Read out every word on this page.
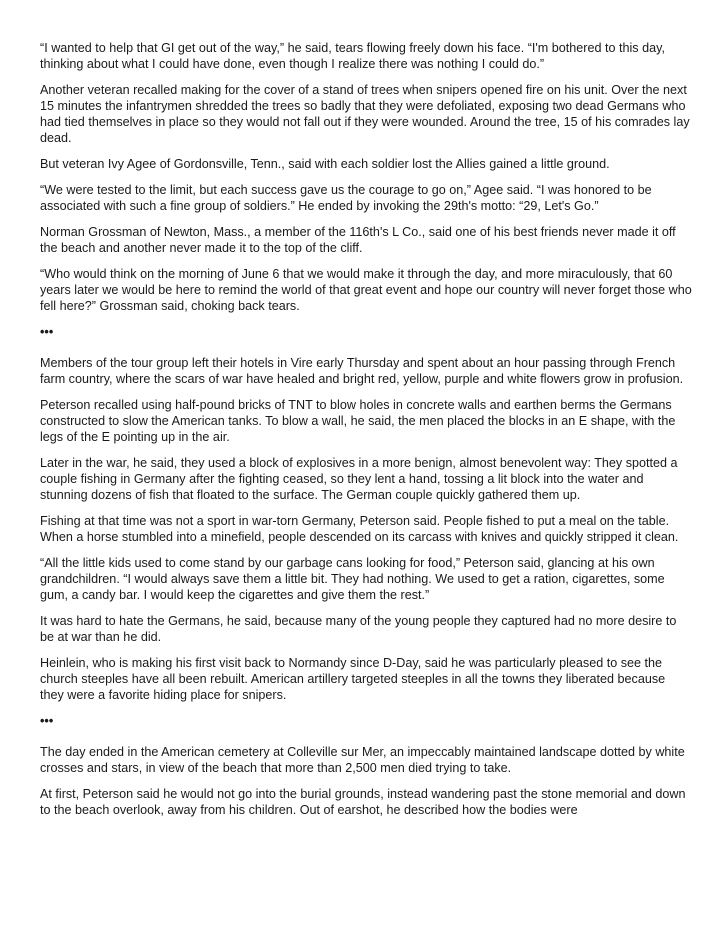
“I wanted to help that GI get out of the way,” he said, tears flowing freely down his face. “I'm bothered to this day, thinking about what I could have done, even though I realize there was nothing I could do.”

Another veteran recalled making for the cover of a stand of trees when snipers opened fire on his unit. Over the next 15 minutes the infantrymen shredded the trees so badly that they were defoliated, exposing two dead Germans who had tied themselves in place so they would not fall out if they were wounded. Around the tree, 15 of his comrades lay dead.

But veteran Ivy Agee of Gordonsville, Tenn., said with each soldier lost the Allies gained a little ground.

“We were tested to the limit, but each success gave us the courage to go on,” Agee said. “I was honored to be associated with such a fine group of soldiers.” He ended by invoking the 29th's motto: “29, Let's Go.”

Norman Grossman of Newton, Mass., a member of the 116th's L Co., said one of his best friends never made it off the beach and another never made it to the top of the cliff.

“Who would think on the morning of June 6 that we would make it through the day, and more miraculously, that 60 years later we would be here to remind the world of that great event and hope our country will never forget those who fell here?” Grossman said, choking back tears.

•••

Members of the tour group left their hotels in Vire early Thursday and spent about an hour passing through French farm country, where the scars of war have healed and bright red, yellow, purple and white flowers grow in profusion.

Peterson recalled using half-pound bricks of TNT to blow holes in concrete walls and earthen berms the Germans constructed to slow the American tanks. To blow a wall, he said, the men placed the blocks in an E shape, with the legs of the E pointing up in the air.

Later in the war, he said, they used a block of explosives in a more benign, almost benevolent way: They spotted a couple fishing in Germany after the fighting ceased, so they lent a hand, tossing a lit block into the water and stunning dozens of fish that floated to the surface. The German couple quickly gathered them up.

Fishing at that time was not a sport in war-torn Germany, Peterson said. People fished to put a meal on the table. When a horse stumbled into a minefield, people descended on its carcass with knives and quickly stripped it clean.

“All the little kids used to come stand by our garbage cans looking for food,” Peterson said, glancing at his own grandchildren. “I would always save them a little bit. They had nothing. We used to get a ration, cigarettes, some gum, a candy bar. I would keep the cigarettes and give them the rest.”

It was hard to hate the Germans, he said, because many of the young people they captured had no more desire to be at war than he did.

Heinlein, who is making his first visit back to Normandy since D-Day, said he was particularly pleased to see the church steeples have all been rebuilt. American artillery targeted steeples in all the towns they liberated because they were a favorite hiding place for snipers.

•••

The day ended in the American cemetery at Colleville sur Mer, an impeccably maintained landscape dotted by white crosses and stars, in view of the beach that more than 2,500 men died trying to take.

At first, Peterson said he would not go into the burial grounds, instead wandering past the stone memorial and down to the beach overlook, away from his children. Out of earshot, he described how the bodies were
